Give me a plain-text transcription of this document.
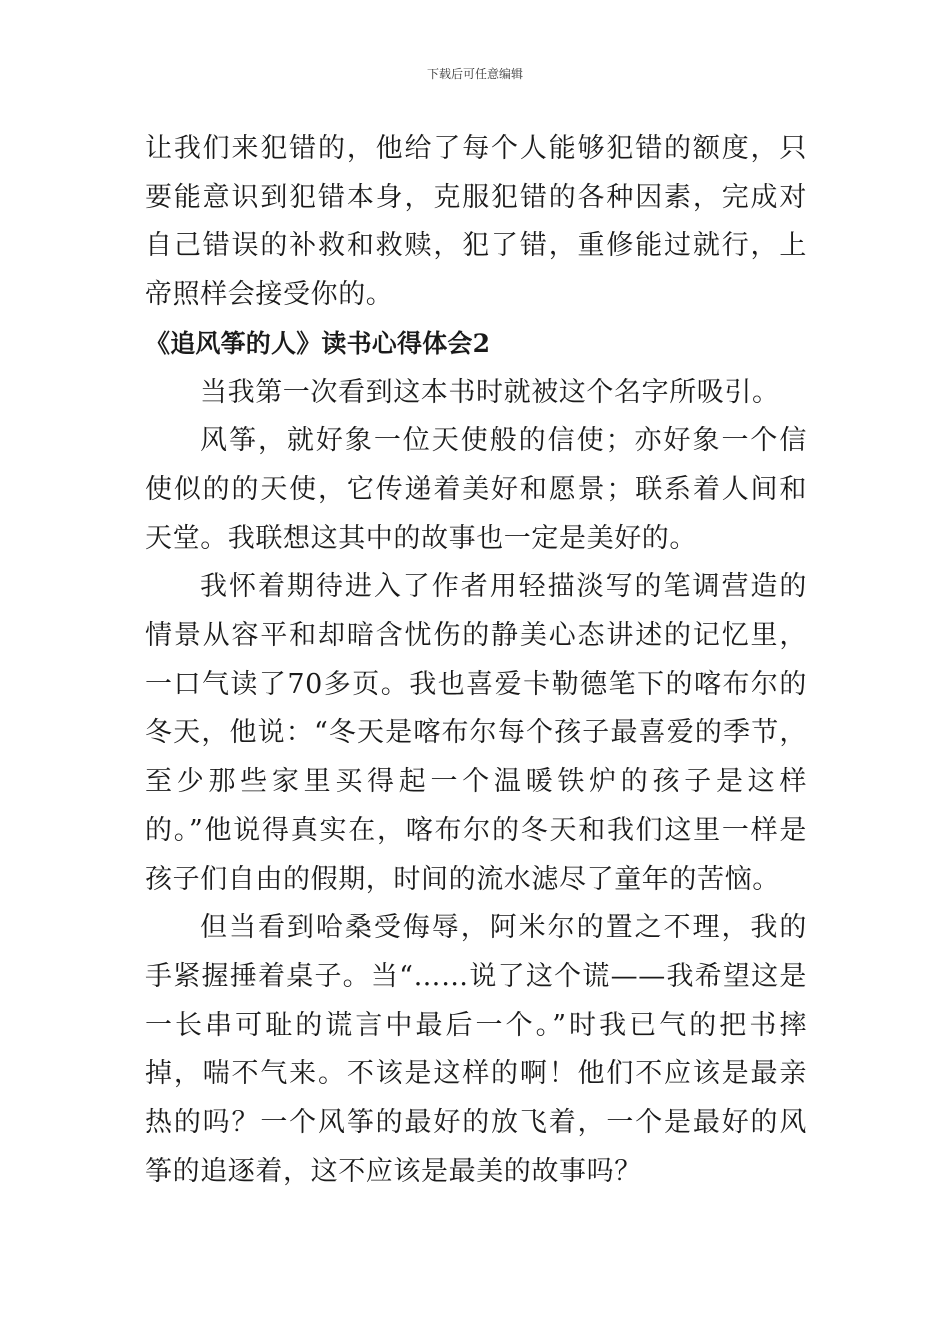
下载后可任意编辑

让我们来犯错的，他给了每个人能够犯错的额度，只要能意识到犯错本身，克服犯错的各种因素，完成对自己错误的补救和救赎，犯了错，重修能过就行，上帝照样会接受你的。

《追风筝的人》读书心得体会2

当我第一次看到这本书时就被这个名字所吸引。

风筝，就好象一位天使般的信使；亦好象一个信使似的的天使，它传递着美好和愿景；联系着人间和天堂。我联想这其中的故事也一定是美好的。

我怀着期待进入了作者用轻描淡写的笔调营造的情景从容平和却暗含忧伤的静美心态讲述的记忆里，一口气读了70多页。我也喜爱卡勒德笔下的喀布尔的冬天，他说：“冬天是喀布尔每个孩子最喜爱的季节，至少那些家里买得起一个温暖铁炉的孩子是这样的。”他说得真实在，喀布尔的冬天和我们这里一样是孩子们自由的假期，时间的流水滤尽了童年的苦恼。

但当看到哈桑受侮辱，阿米尔的置之不理，我的手紧握捶着桌子。当“……说了这个谎——我希望这是一长串可耻的谎言中最后一个。”时我已气的把书摔掉，喘不气来。不该是这样的啊！他们不应该是最亲热的吗？一个风筝的最好的放飞着，一个是最好的风筝的追逐着，这不应该是最美的故事吗？
